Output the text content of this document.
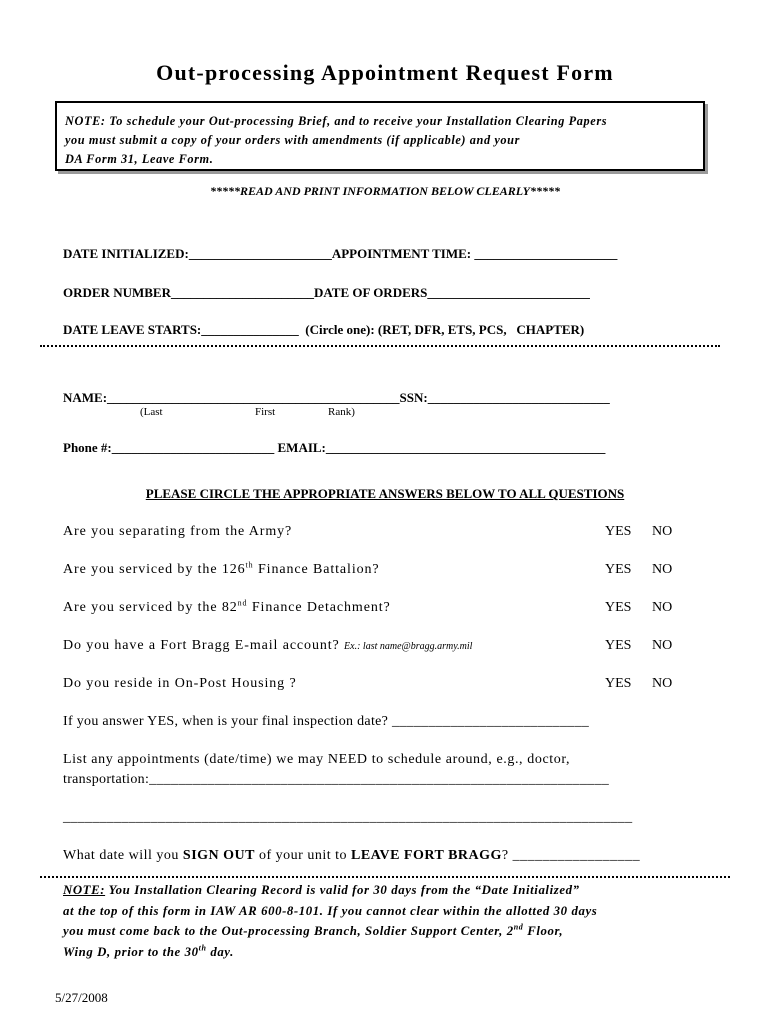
Out-processing Appointment Request Form
NOTE: To schedule your Out-processing Brief, and to receive your Installation Clearing Papers
you must submit a copy of your orders with amendments (if applicable) and your
DA Form 31, Leave Form.
*****READ AND PRINT INFORMATION BELOW CLEARLY*****
DATE INITIALIZED:______________________APPOINTMENT TIME: ______________________
ORDER NUMBER______________________DATE OF ORDERS_________________________
DATE LEAVE STARTS:_______________  (Circle one): (RET, DFR, ETS, PCS,   CHAPTER)
NAME:_____________________________________________SSN:____________________________
(Last	First	Rank)
Phone #:_________________________ EMAIL:___________________________________________
PLEASE CIRCLE THE APPROPRIATE ANSWERS BELOW TO ALL QUESTIONS
Are you separating from the Army?	YES NO
Are you serviced by the 126th Finance Battalion?	YES NO
Are you serviced by the 82nd Finance Detachment?	YES NO
Do you have a Fort Bragg E-mail account? Ex.: last name@bragg.army.mil	YES NO
Do you reside in On-Post Housing ?	YES NO
If you answer YES, when is your final inspection date? ___________________________
List any appointments (date/time) we may NEED to schedule around, e.g., doctor,
transportation:_______________________________________________________________
______________________________________________________________________________
What date will you SIGN OUT of your unit to LEAVE FORT BRAGG? _________________
NOTE: You Installation Clearing Record is valid for 30 days from the “Date Initialized”
at the top of this form in IAW AR 600-8-101. If you cannot clear within the allotted 30 days
you must come back to the Out-processing Branch, Soldier Support Center, 2nd Floor,
Wing D, prior to the 30th day.
5/27/2008
